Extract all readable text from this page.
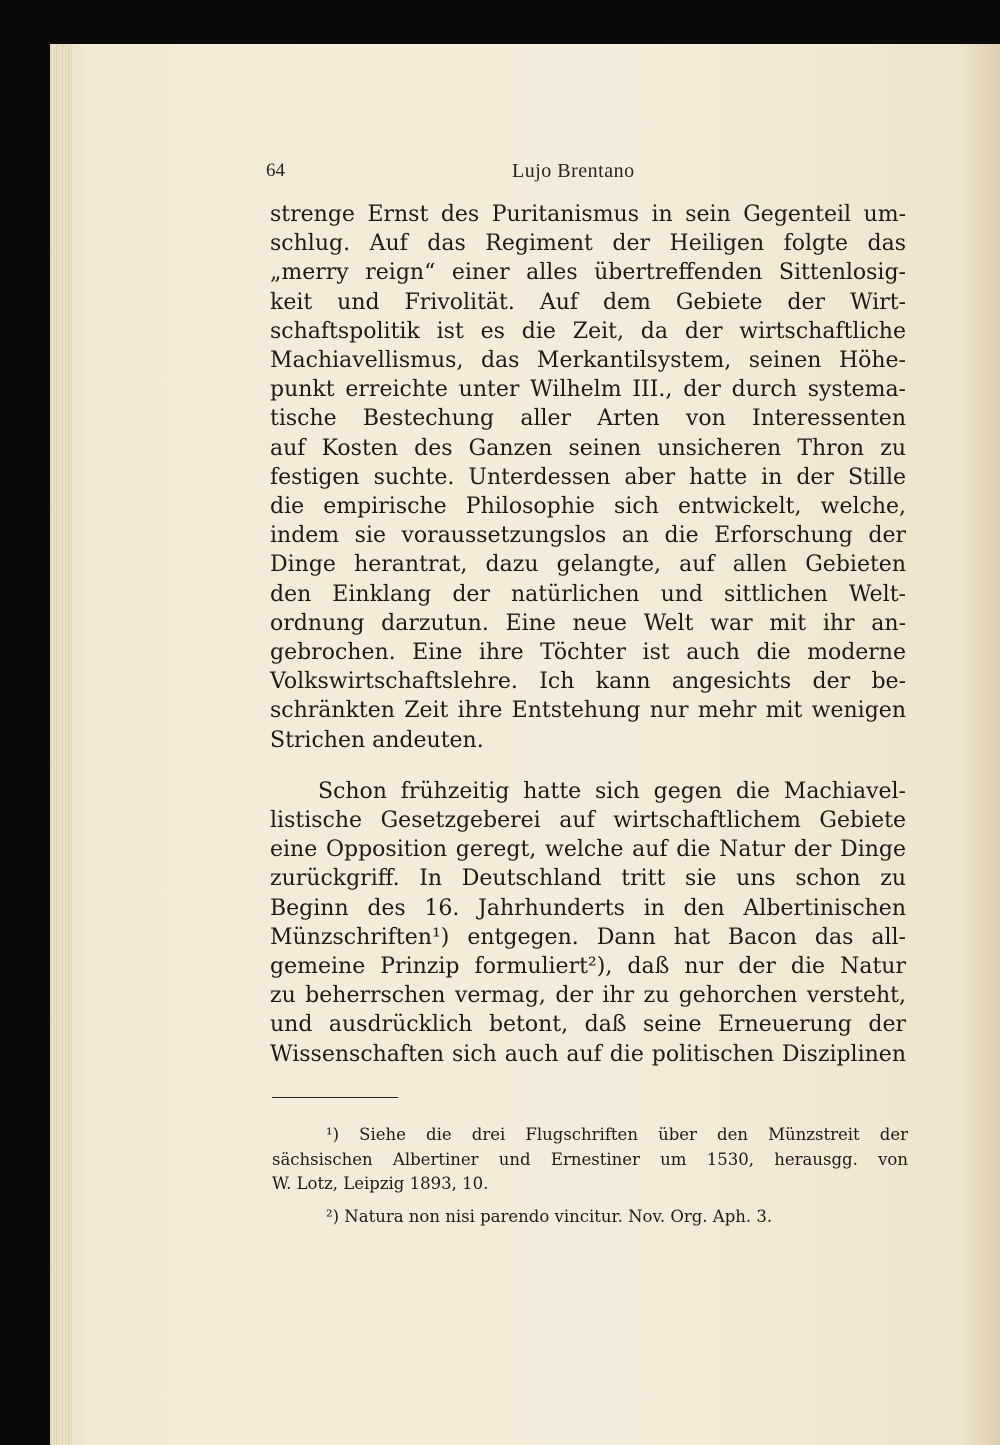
64	Lujo Brentano
strenge Ernst des Puritanismus in sein Gegenteil um-
schlug. Auf das Regiment der Heiligen folgte das
„merry reign“ einer alles übertreffenden Sittenlosig-
keit und Frivolität. Auf dem Gebiete der Wirt-
schaftspolitik ist es die Zeit, da der wirtschaftliche
Machiavellismus, das Merkantilsystem, seinen Höhe-
punkt erreichte unter Wilhelm III., der durch systema-
tische Bestechung aller Arten von Interessenten
auf Kosten des Ganzen seinen unsicheren Thron zu
festigen suchte. Unterdessen aber hatte in der Stille
die empirische Philosophie sich entwickelt, welche,
indem sie voraussetzungslos an die Erforschung der
Dinge herantrat, dazu gelangte, auf allen Gebieten
den Einklang der natürlichen und sittlichen Welt-
ordnung darzutun. Eine neue Welt war mit ihr an-
gebrochen. Eine ihre Töchter ist auch die moderne
Volkswirtschaftslehre. Ich kann angesichts der be-
schränkten Zeit ihre Entstehung nur mehr mit wenigen
Strichen andeuten.
Schon frühzeitig hatte sich gegen die Machiavel-
listische Gesetzgeberei auf wirtschaftlichem Gebiete
eine Opposition geregt, welche auf die Natur der Dinge
zurückgriff. In Deutschland tritt sie uns schon zu
Beginn des 16. Jahrhunderts in den Albertinischen
Münzschriften¹) entgegen. Dann hat Bacon das all-
gemeine Prinzip formuliert²), daß nur der die Natur
zu beherrschen vermag, der ihr zu gehorchen versteht,
und ausdrücklich betont, daß seine Erneuerung der
Wissenschaften sich auch auf die politischen Disziplinen
¹) Siehe die drei Flugschriften über den Münzstreit der
sächsischen Albertiner und Ernestiner um 1530, herausgg. von
W. Lotz, Leipzig 1893, 10.
²) Natura non nisi parendo vincitur. Nov. Org. Aph. 3.
